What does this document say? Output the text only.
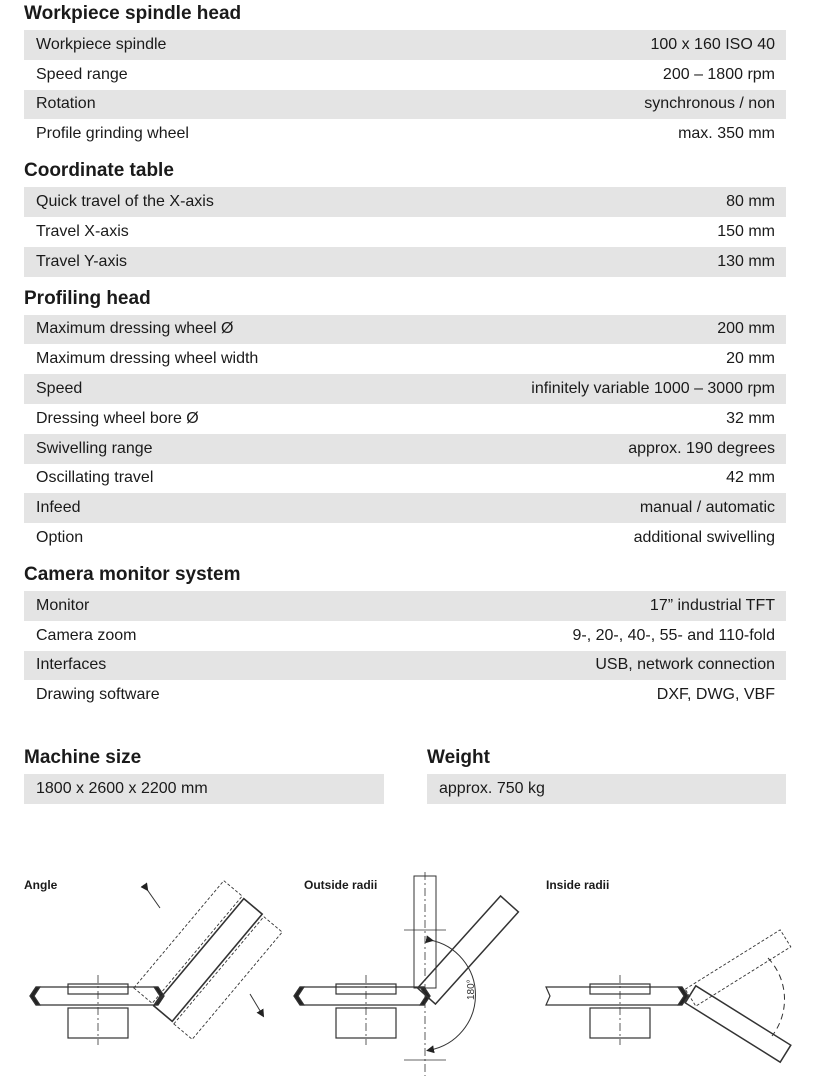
Workpiece spindle head
Workpiece spindle	100 x 160 ISO 40
Speed range	200 – 1800 rpm
Rotation	synchronous / non
Profile grinding wheel	max. 350 mm
Coordinate table
Quick travel of the X-axis	80 mm
Travel X-axis	150 mm
Travel Y-axis	130 mm
Profiling head
Maximum dressing wheel Ø	200 mm
Maximum dressing wheel width	20 mm
Speed	infinitely variable 1000 – 3000 rpm
Dressing wheel bore Ø	32 mm
Swivelling range	approx. 190 degrees
Oscillating travel	42 mm
Infeed	manual / automatic
Option	additional swivelling
Camera monitor system
Monitor	17” industrial TFT
Camera zoom	9-, 20-, 40-, 55- and 110-fold
Interfaces	USB, network connection
Drawing software	DXF, DWG, VBF
Machine size
1800 x 2600 x 2200 mm
Weight
approx. 750 kg
Angle	Outside radii	Inside radii
180°
